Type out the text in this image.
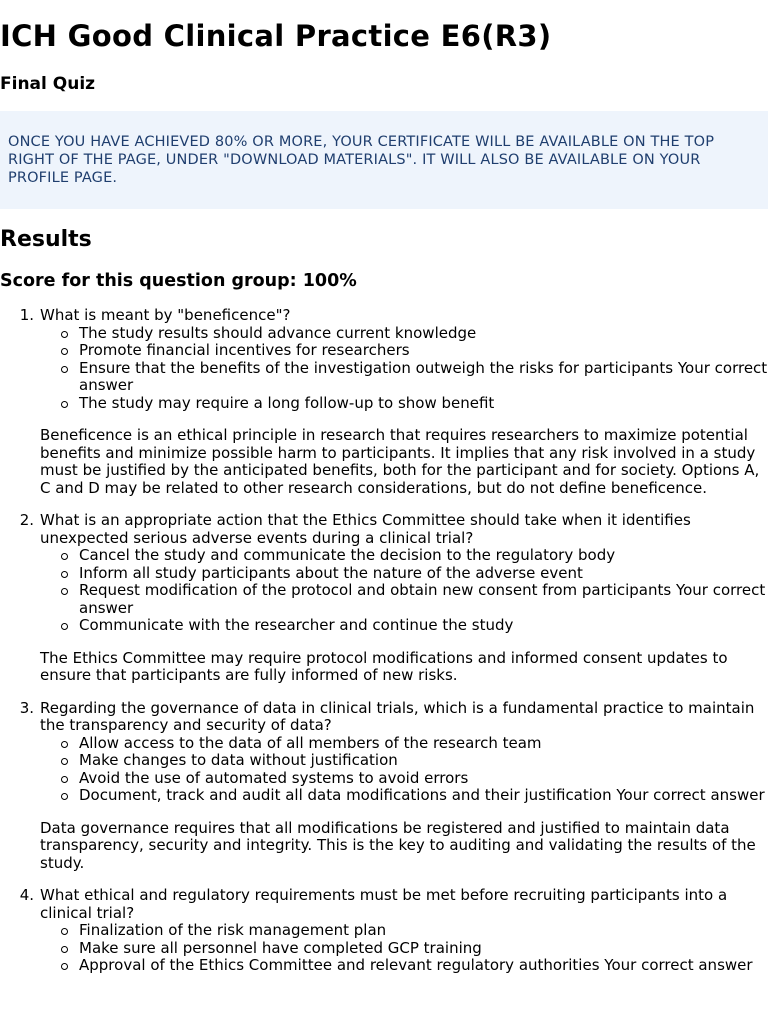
ICH Good Clinical Practice E6(R3)
Final Quiz
ONCE YOU HAVE ACHIEVED 80% OR MORE, YOUR CERTIFICATE WILL BE AVAILABLE ON THE TOP RIGHT OF THE PAGE, UNDER "DOWNLOAD MATERIALS". IT WILL ALSO BE AVAILABLE ON YOUR PROFILE PAGE.
Results
Score for this question group: 100%
1. What is meant by "beneficence"?
The study results should advance current knowledge
Promote financial incentives for researchers
Ensure that the benefits of the investigation outweigh the risks for participants Your correct answer
The study may require a long follow-up to show benefit

Beneficence is an ethical principle in research that requires researchers to maximize potential benefits and minimize possible harm to participants. It implies that any risk involved in a study must be justified by the anticipated benefits, both for the participant and for society. Options A, C and D may be related to other research considerations, but do not define beneficence.

2. What is an appropriate action that the Ethics Committee should take when it identifies unexpected serious adverse events during a clinical trial?
Cancel the study and communicate the decision to the regulatory body
Inform all study participants about the nature of the adverse event
Request modification of the protocol and obtain new consent from participants Your correct answer
Communicate with the researcher and continue the study

The Ethics Committee may require protocol modifications and informed consent updates to ensure that participants are fully informed of new risks.

3. Regarding the governance of data in clinical trials, which is a fundamental practice to maintain the transparency and security of data?
Allow access to the data of all members of the research team
Make changes to data without justification
Avoid the use of automated systems to avoid errors
Document, track and audit all data modifications and their justification Your correct answer

Data governance requires that all modifications be registered and justified to maintain data transparency, security and integrity. This is the key to auditing and validating the results of the study.

4. What ethical and regulatory requirements must be met before recruiting participants into a clinical trial?
Finalization of the risk management plan
Make sure all personnel have completed GCP training
Approval of the Ethics Committee and relevant regulatory authorities Your correct answer
